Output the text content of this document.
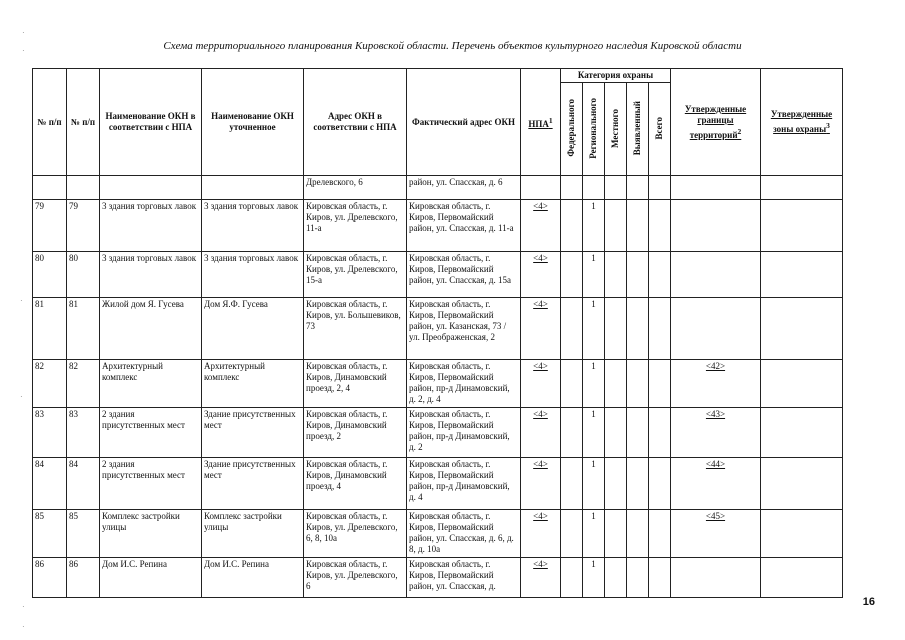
Схема территориального планирования Кировской области. Перечень объектов культурного наследия Кировской области
№ п/п	№ п/п	Наименование ОКН в соответствии с НПА	Наименование ОКН уточненное	Адрес ОКН в соответствии с НПА	Фактический адрес ОКН	НПА$^1$	Категория охраны					Утвержденные границы территорий$^2$	Утвержденные зоны охраны$^3$

							Федерального	Регионального	Местного	Выявленный	Всего		

				Дрелевского, 6	район, ул. Спасская, д. 6								
79	79	3 здания торговых лавок	3 здания торговых лавок	Кировская область, г. Киров, ул. Дрелевского, 11-а	Кировская область, г. Киров, Первомайский район, ул. Спасская, д. 11-а	<4>		1					
80	80	3 здания торговых лавок	3 здания торговых лавок	Кировская область, г. Киров, ул. Дрелевского, 15-а	Кировская область, г. Киров, Первомайский район, ул. Спасская, д. 15а	<4>		1					
81	81	Жилой дом Я. Гусева	Дом Я.Ф. Гусева	Кировская область, г. Киров, ул. Большевиков, 73	Кировская область, г. Киров, Первомайский район, ул. Казанская, 73 / ул. Преображенская, 2	<4>		1					
82	82	Архитектурный комплекс	Архитектурный комплекс	Кировская область, г. Киров, Динамовский проезд, 2, 4	Кировская область, г. Киров, Первомайский район, пр-д Динамовский, д. 2, д. 4	<4>		1				<42>	
83	83	2 здания присутственных мест	Здание присутственных мест	Кировская область, г. Киров, Динамовский проезд, 2	Кировская область, г. Киров, Первомайский район, пр-д Динамовский, д. 2	<4>		1				<43>	
84	84	2 здания присутственных мест	Здание присутственных мест	Кировская область, г. Киров, Динамовский проезд, 4	Кировская область, г. Киров, Первомайский район, пр-д Динамовский, д. 4	<4>		1				<44>	
85	85	Комплекс застройки улицы	Комплекс застройки улицы	Кировская область, г. Киров, ул. Дрелевского, 6, 8, 10а	Кировская область, г. Киров, Первомайский район, ул. Спасская, д. 6, д. 8, д. 10а	<4>		1				<45>	
86	86	Дом И.С. Репина	Дом И.С. Репина	Кировская область, г. Киров, ул. Дрелевского, 6	Кировская область, г. Киров, Первомайский район, ул. Спасская, д.	<4>		1					
16
·
·
·
·
·
·
